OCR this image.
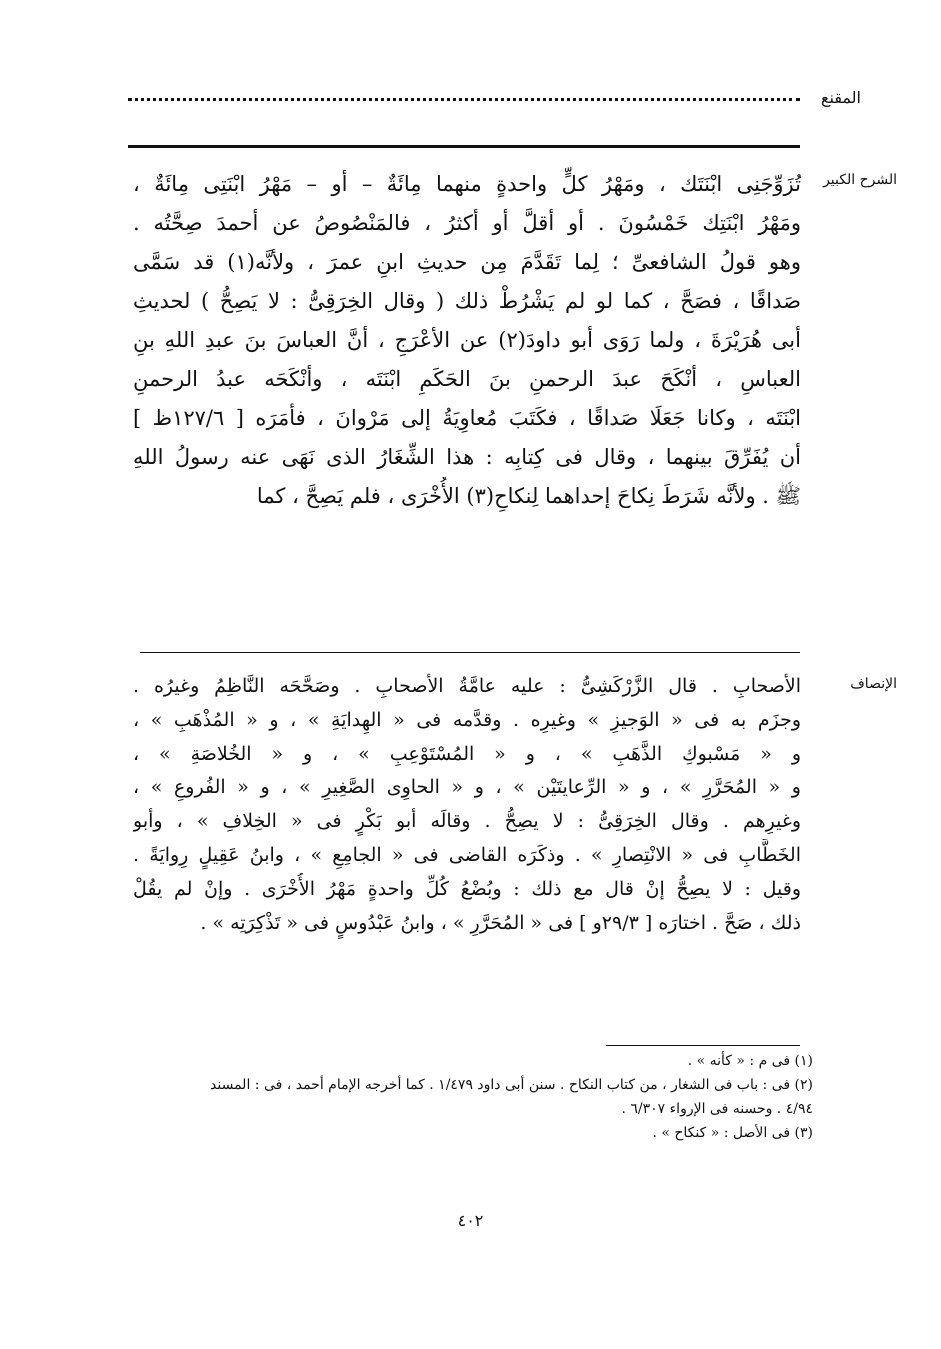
المقنع
الشرح الكبير
تُزَوِّجَنِى ابْنَتَك ، ومَهْرُ كلٍّ واحدةٍ منهما مِائَةٌ – أو – مَهْرُ ابْنَتِى مِائَةٌ ،
ومَهْرُ ابْنَتِك خَمْسُونَ . أو أقلَّ أو أكثرُ ، فالمَنْصُوصُ عن أحمدَ صِحَّتُه .
وهو قولُ الشافعىِّ ؛ لِما تَقَدَّمَ مِن حديثِ ابنِ عمرَ ، ولأنَّه(١) قد سَمَّى
صَداقًا ، فصَحَّ ، كما لو لم يَشْرُطْ ذلك ( وقال الخِرَقِىُّ : لا يَصِحُّ ) لحديثِ
أبى هُرَيْرَةَ ، ولما رَوَى أبو داودَ(٢) عن الأعْرَجِ ، أنَّ العباسَ بنَ عبدِ اللهِ بنِ
العباسِ ، أنْكَحَ عبدَ الرحمنِ بنَ الحَكَمِ ابْنَتَه ، وأنْكَحَه عبدُ الرحمنِ
ابْنَتَه ، وكانا جَعَلَا صَداقًا ، فكَتَبَ مُعاوِيَةُ إلى مَرْوانَ ، فأمَرَه [ ١٢٧/٦ظ ]
أن يُفَرِّقَ بينهما ، وقال فى كِتابِه : هذا الشِّغَارُ الذى نَهَى عنه رسولُ اللهِ
ﷺ . ولأنَّه شَرَطَ نِكاحَ إحداهما لِنكاحِ(٣) الأُخْرَى ، فلم يَصِحَّ ، كما
الإنصاف
الأصحابِ . قال الزَّرْكَشِىُّ : عليه عامَّةُ الأصحابِ . وصَحَّحَه النَّاظِمُ وغيرُه .
وجزَم به فى « الوَجيزِ » وغيرِه . وقدَّمه فى « الهِدايَةِ » ، و « المُذْهَبِ » ،
و « مَسْبوكِ الذَّهَبِ » ، و « المُسْتَوْعِبِ » ، و « الخُلاصَةِ » ،
و « المُحَرَّرِ » ، و « الرِّعايتَيْن » ، و « الحاوِى الصَّغِيرِ » ، و « الفُروعِ » ،
وغيرِهم . وقال الخِرَقِىُّ : لا يصِحُّ . وقالَه أبو بَكْرٍ فى « الخِلافِ » ، وأبو
الخَطَّابِ فى « الانْتِصارِ » . وذكَرَه القاضى فى « الجامِعِ » ، وابنُ عَقِيلٍ رِوايَةً .
وقيل : لا يصِحُّ إنْ قال مع ذلك : وبُضْعُ كُلِّ واحدةٍ مَهْرُ الأُخْرَى . وإنْ لم يقُلْ
ذلك ، صَحَّ . اختارَه [ ٢٩/٣و ] فى « المُحَرَّرِ » ، وابنُ عَبْدُوسٍ فى « تَذْكِرَتِه » .
(١) فى م : « كأنه » .
(٢) فى : باب فى الشغار ، من كتاب النكاح . سنن أبى داود ١/٤٧٩ . كما أخرجه الإمام أحمد ، فى : المسند
٤/٩٤ . وحسنه فى الإرواء ٦/٣٠٧ .
(٣) فى الأصل : « كنكاح » .
٤٠٢
